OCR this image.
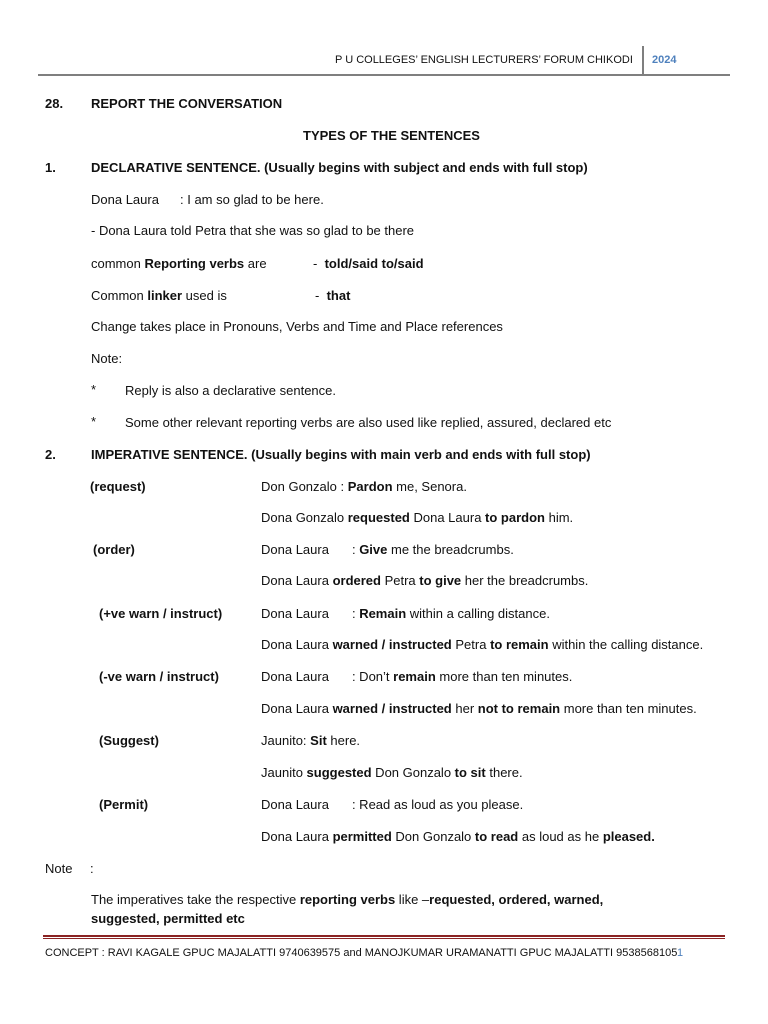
P U COLLEGES’ ENGLISH LECTURERS’ FORUM CHIKODI 2024
28. REPORT THE CONVERSATION
TYPES OF THE SENTENCES
1.	DECLARATIVE SENTENCE. (Usually begins with subject and ends with full stop)
Dona Laura : I am so glad to be here.
- Dona Laura told Petra that she was so glad to be there
common Reporting verbs are	- told/said to/said
Common linker used is	- that
Change takes place in Pronouns, Verbs and Time and Place references
Note:
* Reply is also a declarative sentence.
* Some other relevant reporting verbs are also used like replied, assured, declared etc
2.	IMPERATIVE SENTENCE. (Usually begins with main verb and ends with full stop)
(request)	Don Gonzalo : Pardon me, Senora.
Dona Gonzalo requested Dona Laura to pardon him.
(order)	Dona Laura : Give me the breadcrumbs.
Dona Laura ordered Petra to give her the breadcrumbs.
(+ve warn / instruct)	Dona Laura : Remain within a calling distance.
Dona Laura warned / instructed Petra to remain within the calling distance.
(-ve warn / instruct)	Dona Laura : Don’t remain more than ten minutes.
Dona Laura warned / instructed her not to remain more than ten minutes.
(Suggest)	Jaunito: Sit here.
Jaunito suggested Don Gonzalo to sit there.
(Permit)	Dona Laura : Read as loud as you please.
Dona Laura permitted Don Gonzalo to read as loud as he pleased.
Note :
The imperatives take the respective reporting verbs like –requested, ordered, warned,
suggested, permitted etc
CONCEPT : RAVI KAGALE GPUC MAJALATTI 9740639575 and MANOJKUMAR URAMANATTI GPUC MAJALATTI 9538568105 1
